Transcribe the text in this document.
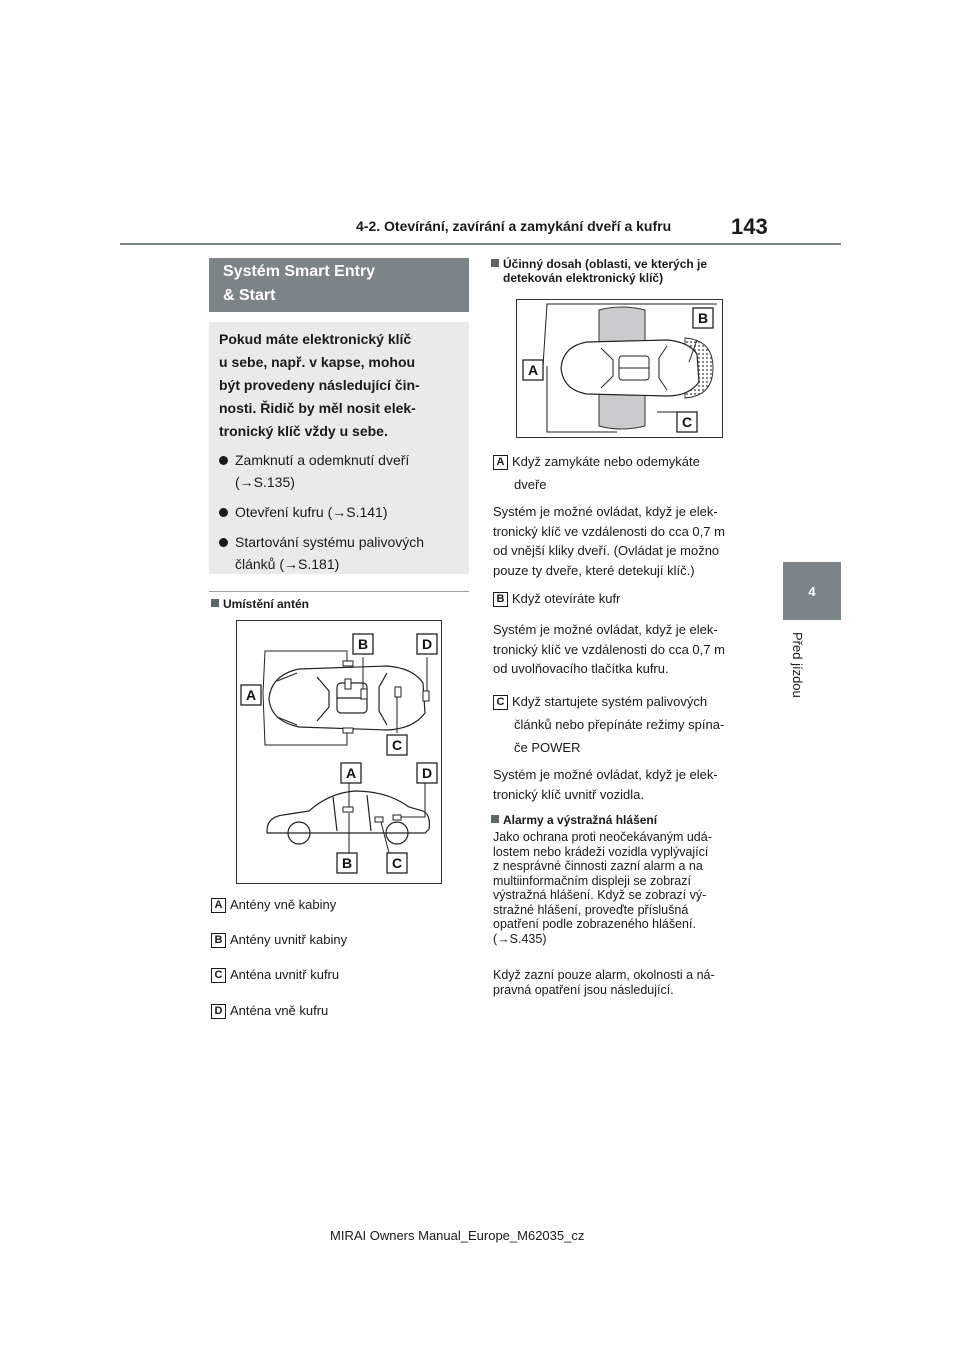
4-2. Otevírání, zavírání a zamykání dveří a kufru	143
4
Před jízdou
Systém Smart Entry
& Start
Pokud máte elektronický klíč
u sebe, např. v kapse, mohou
být provedeny následující čin-
nosti. Řidič by měl nosit elek-
tronický klíč vždy u sebe.
Zamknutí a odemknutí dveří
(→S.135)
Otevření kufru (→S.141)
Startování systému palivových
článků (→S.181)
Umístění antén
B	D
A
C
A	D
B	C
A Antény vně kabiny
B Antény uvnitř kabiny
C Anténa uvnitř kufru
D Anténa vně kufru
Účinný dosah (oblasti, ve kterých je
detekován elektronický klíč)
B
A
C
A Když zamykáte nebo odemykáte
dveře
Systém je možné ovládat, když je elek-
tronický klíč ve vzdálenosti do cca 0,7 m
od vnější kliky dveří. (Ovládat je možno
pouze ty dveře, které detekují klíč.)
B Když otevíráte kufr
Systém je možné ovládat, když je elek-
tronický klíč ve vzdálenosti do cca 0,7 m
od uvolňovacího tlačítka kufru.
C Když startujete systém palivových
článků nebo přepínáte režimy spína-
če POWER
Systém je možné ovládat, když je elek-
tronický klíč uvnitř vozidla.
Alarmy a výstražná hlášení
Jako ochrana proti neočekávaným udá-
lostem nebo krádeži vozidla vyplývající
z nesprávné činnosti zazní alarm a na
multiinformačním displeji se zobrazí
výstražná hlášení. Když se zobrazí vý-
stražné hlášení, proveďte příslušná
opatření podle zobrazeného hlášení.
(→S.435)
Když zazní pouze alarm, okolnosti a ná-
pravná opatření jsou následující.
MIRAI Owners Manual_Europe_M62035_cz
